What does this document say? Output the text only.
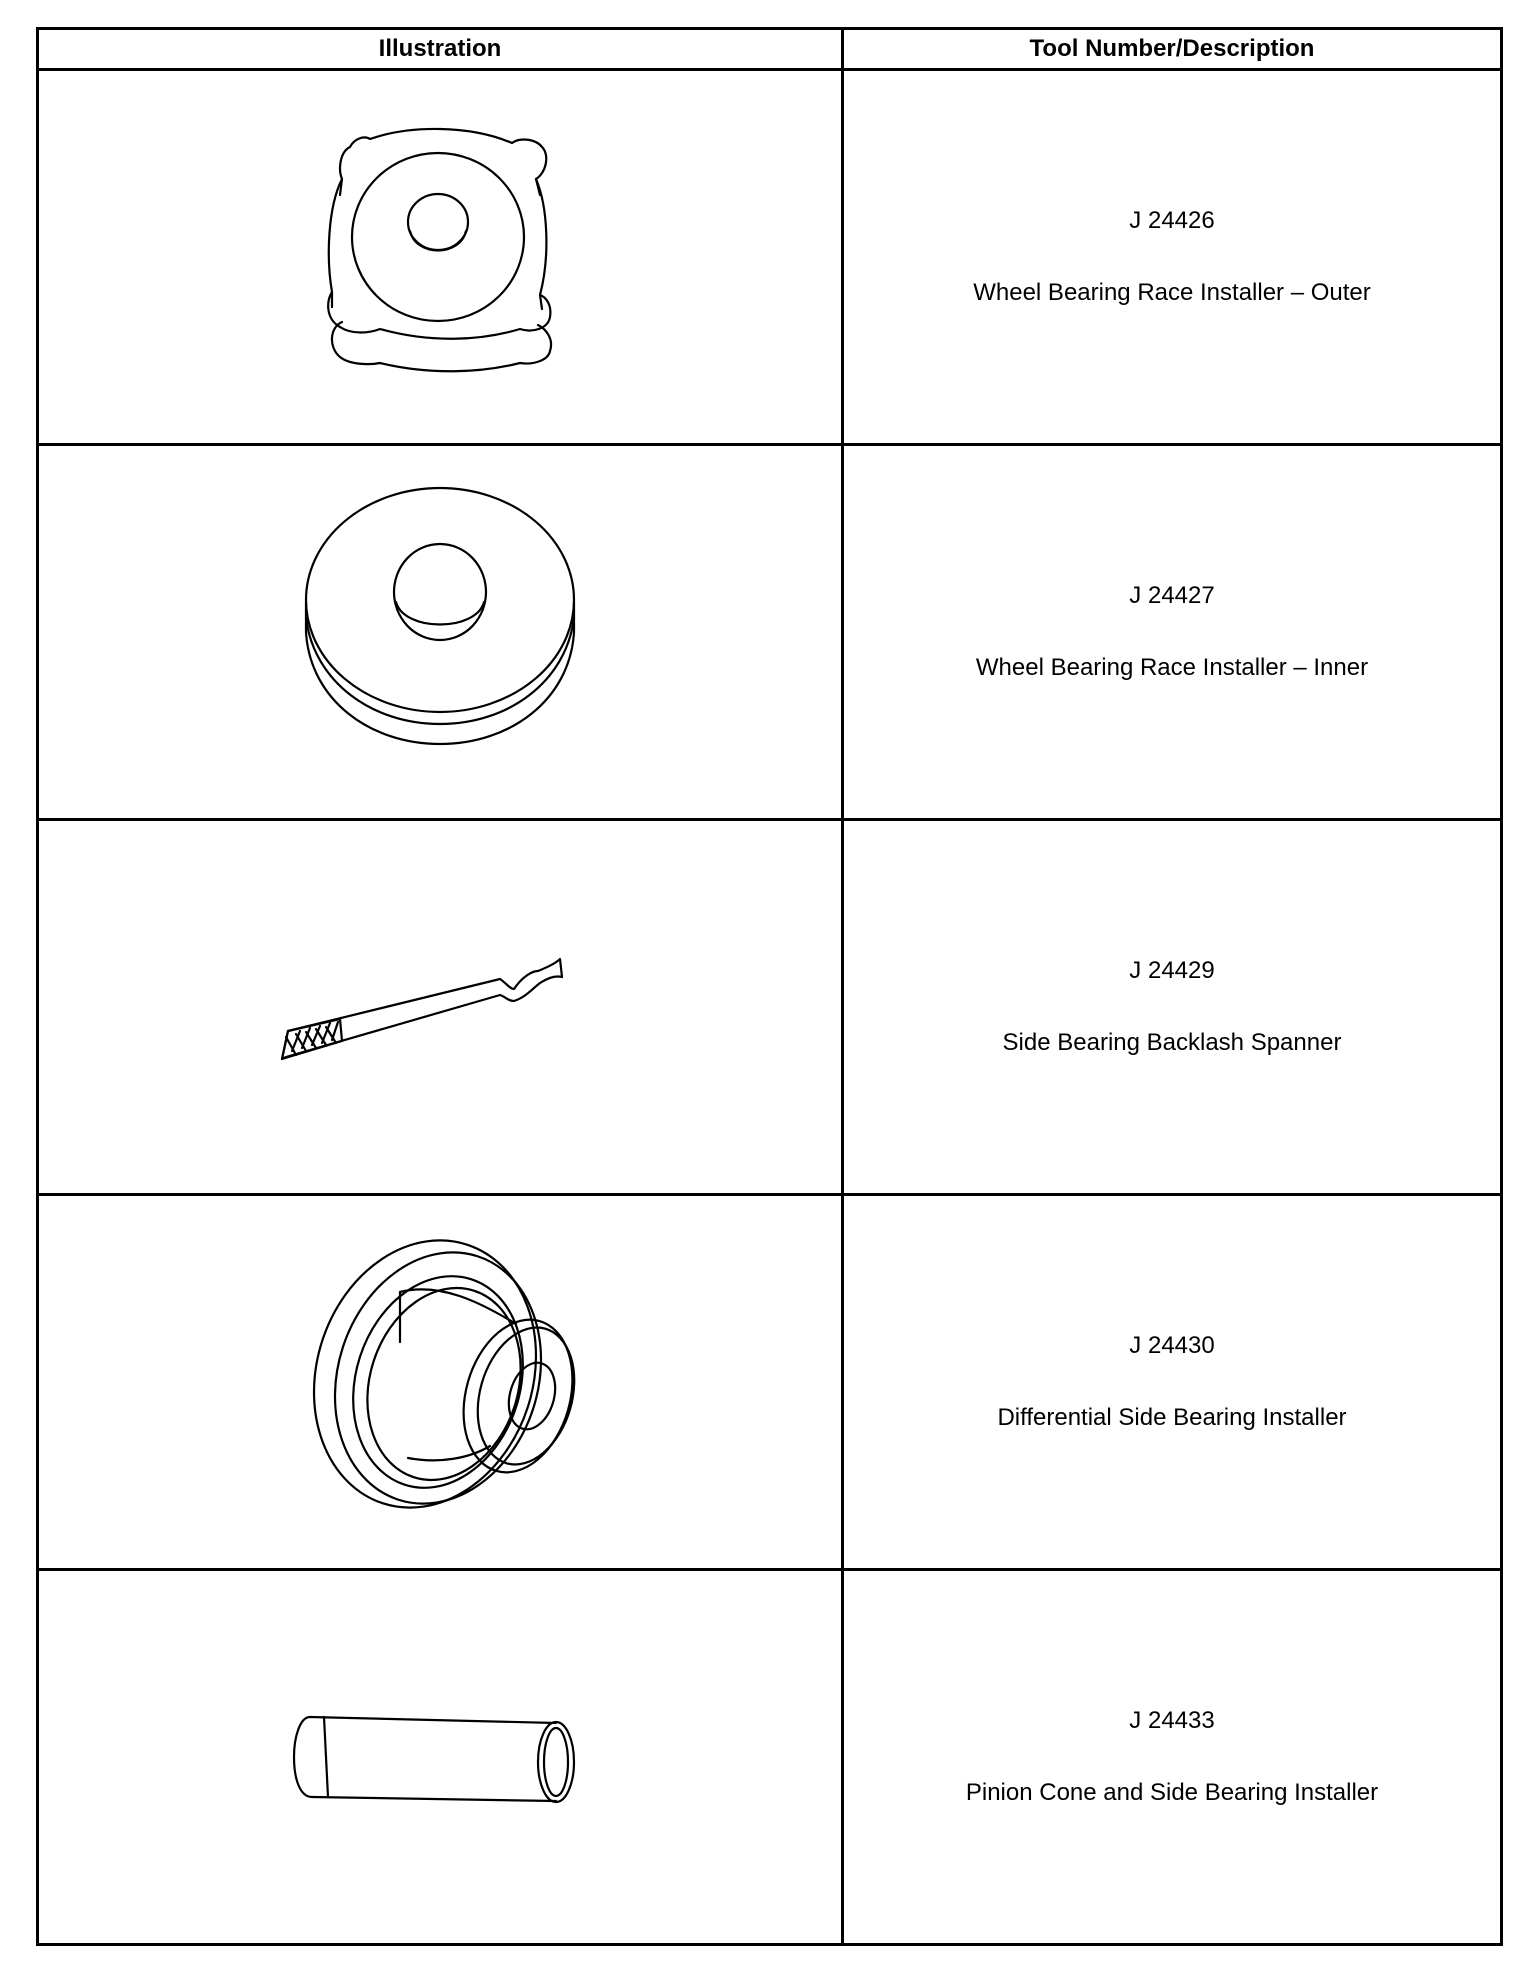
Illustration	Tool Number/Description

J 24426
Wheel Bearing Race Installer – Outer

J 24427
Wheel Bearing Race Installer – Inner

J 24429
Side Bearing Backlash Spanner

J 24430
Differential Side Bearing Installer

J 24433
Pinion Cone and Side Bearing Installer
